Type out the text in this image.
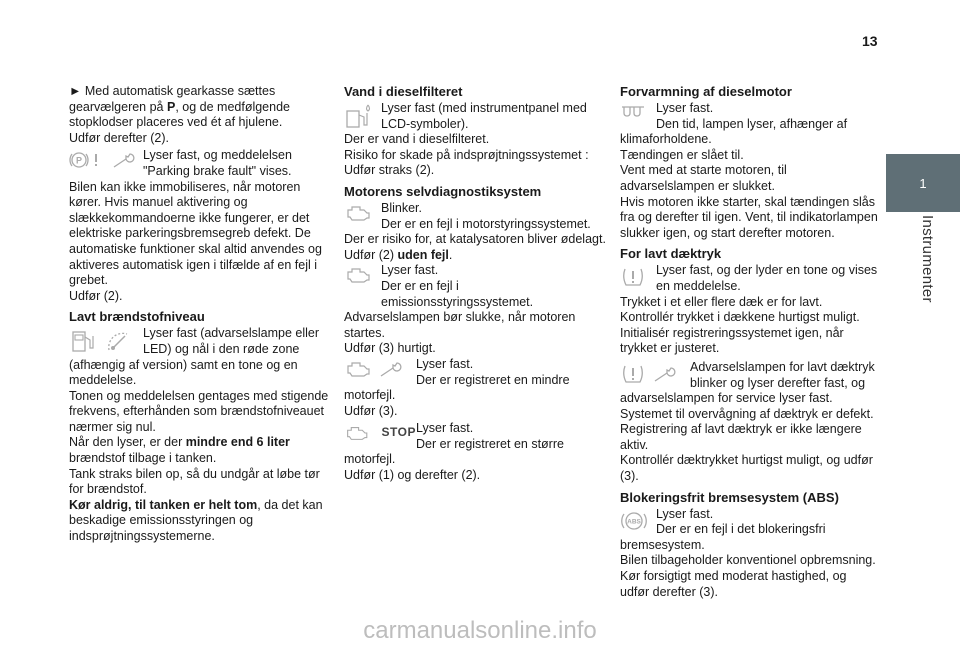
13
1
Instrumenter

► Med automatisk gearkasse sættes gearvælgeren på P, og de medfølgende stopklodser placeres ved ét af hjulene.

Udfør derefter (2).

P	Lyser fast, og meddelelsen

"Parking brake fault" vises.

Bilen kan ikke immobiliseres, når motoren kører. Hvis manuel aktivering og slækkekommandoerne ikke fungerer, er det elektriske parkeringsbremsegreb defekt. De automatiske funktioner skal altid anvendes og aktiveres automatisk igen i tilfælde af en fejl i grebet.

Udfør (2).

Lavt brændstofniveau

Lyser fast (advarselslampe eller

LED) og nål i den røde zone

(afhængig af version) samt en tone og en meddelelse.

Tonen og meddelelsen gentages med stigende frekvens, efterhånden som brændstofniveauet nærmer sig nul.

Når den lyser, er der mindre end 6 liter brændstof tilbage i tanken.

Tank straks bilen op, så du undgår at løbe tør for brændstof.

Kør aldrig, til tanken er helt tom, da det kan beskadige emissionsstyringen og indsprøjtningssystemerne.

Vand i dieselfilteret

Lyser fast (med instrumentpanel med LCD-symboler).

Der er vand i dieselfilteret.

Risiko for skade på indsprøjtningssystemet :

Udfør straks (2).

Motorens selvdiagnostiksystem

Blinker.

Der er en fejl i motorstyringssystemet.

Der er risiko for, at katalysatoren bliver ødelagt.

Udfør (2) uden fejl.

Lyser fast.

Der er en fejl i emissionsstyringssystemet.

Advarselslampen bør slukke, når motoren startes.

Udfør (3) hurtigt.

Lyser fast.

Der er registreret en mindre

motorfejl.

Udfør (3).

STOP Lyser fast.

Der er registreret en større

motorfejl.

Udfør (1) og derefter (2).

Forvarmning af dieselmotor

Lyser fast.

Den tid, lampen lyser, afhænger af

klimaforholdene.

Tændingen er slået til.

Vent med at starte motoren, til advarselslampen er slukket.

Hvis motoren ikke starter, skal tændingen slås fra og derefter til igen. Vent, til indikatorlampen slukker igen, og start derefter motoren.

For lavt dæktryk

Lyser fast, og der lyder en tone og vises

en meddelelse.

Trykket i et eller flere dæk er for lavt.

Kontrollér trykket i dækkene hurtigst muligt.

Initialisér registreringssystemet igen, når trykket er justeret.

Advarselslampen for lavt dæktryk

blinker og lyser derefter fast, og

advarselslampen for service lyser fast.

Systemet til overvågning af dæktryk er defekt.

Registrering af lavt dæktryk er ikke længere aktiv.

Kontrollér dæktrykket hurtigst muligt, og udfør (3).

Blokeringsfrit bremsesystem (ABS)
ABS

Lyser fast.

Der er en fejl i det blokeringsfri

bremsesystem.

Bilen tilbageholder konventionel opbremsning.

Kør forsigtigt med moderat hastighed, og udfør derefter (3).

carmanualsonline.info
